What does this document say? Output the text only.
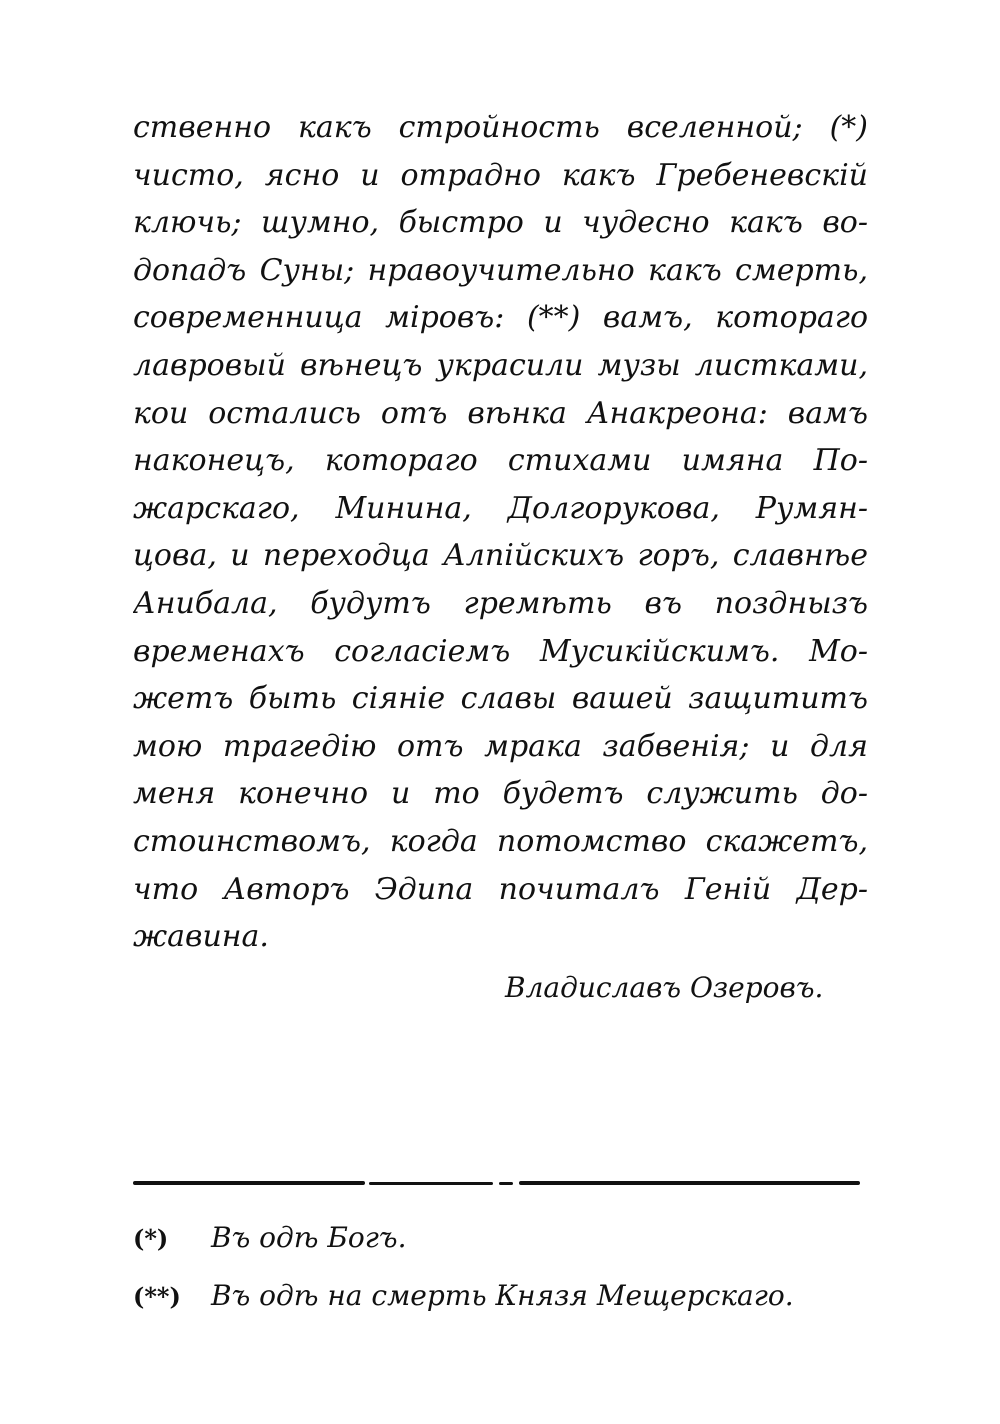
ственно какъ стройность вселенной; (*)
чисто, ясно и отрадно какъ Гребеневскій
ключь; шумно, быстро и чудесно какъ во-
допадъ Суны; нравоучительно какъ смерть,
современница міровъ: (**) вамъ, котораго
лавровый вѣнецъ украсили музы листками,
кои остались отъ вѣнка Анакреона: вамъ
наконецъ, котораго стихами имяна По-
жарскаго, Минина, Долгорукова, Румян-
цова, и переходца Алпійскихъ горъ, славнѣе
Анибала, будутъ гремѣть въ позднызъ
временахъ согласіемъ Мусикійскимъ. Мо-
жетъ быть сіяніе славы вашей защититъ
мою трагедію отъ мрака забвенія; и для
меня конечно и то будетъ служить до-
стоинствомъ, когда потомство скажетъ,
что Авторъ Эдипа почиталъ Геній Дер-
жавина.
Владиславъ Озеровъ.
(*) Въ одѣ Богъ.
(**) Въ одѣ на смерть Князя Мещерскаго.
